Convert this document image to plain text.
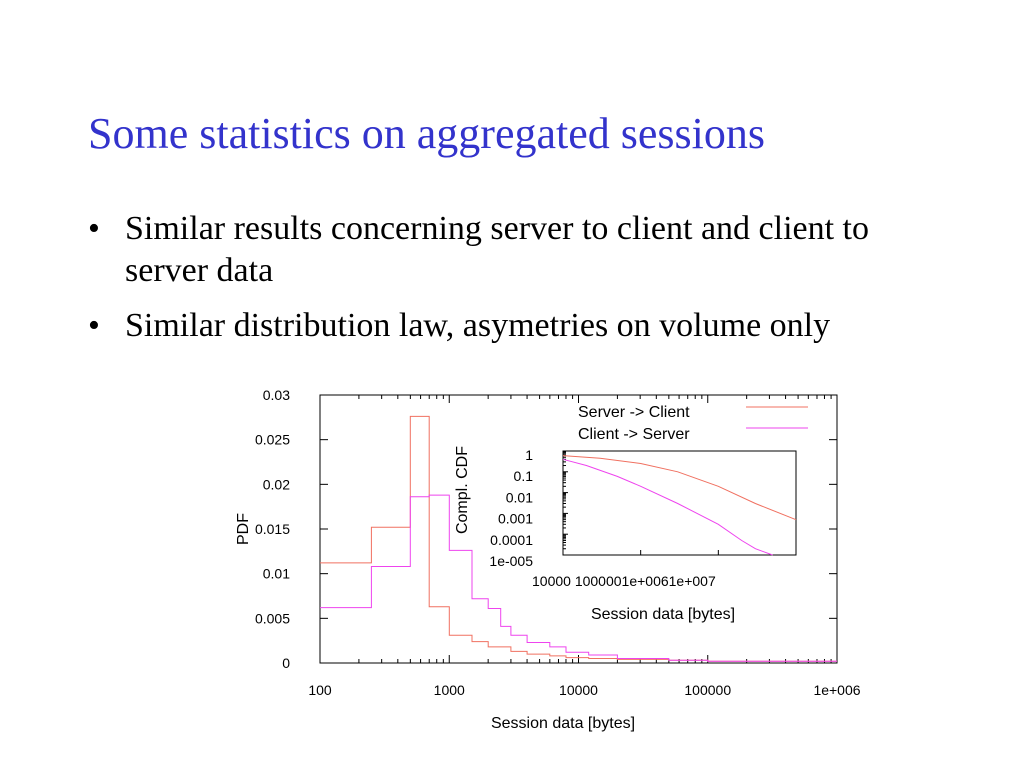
Some statistics on aggregated sessions
• Similar results concerning server to client and client to server data
• Similar distribution law, asymetries on volume only
0
0.005
0.01
0.015
0.02
0.025
0.03
100	1000	10000	100000	1e+006
Session data [bytes]
PDF
Server -> Client
Client -> Server
1
0.1
0.01
0.001
0.0001
1e-005
10000 1000001e+0061e+007
Session data [bytes]
Compl. CDF
